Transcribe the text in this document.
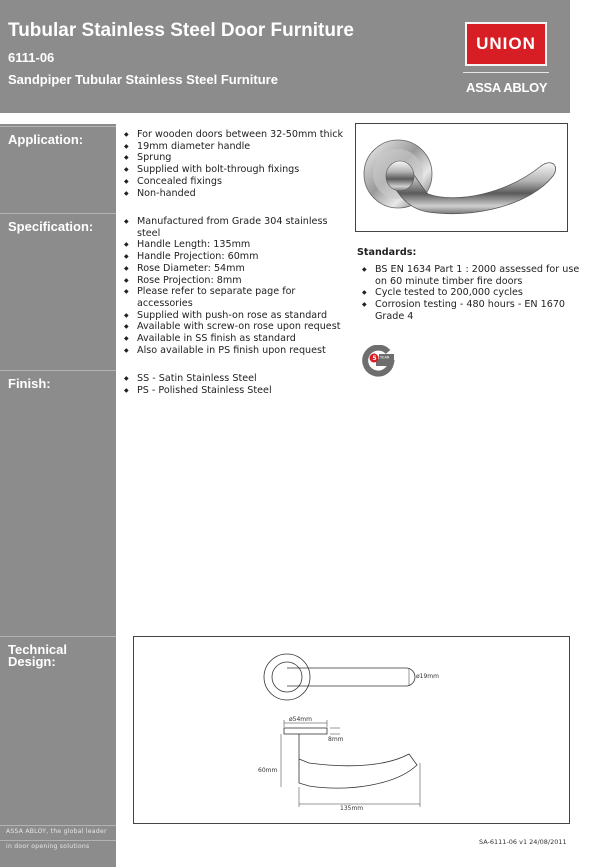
Tubular Stainless Steel Door Furniture
6111-06
Sandpiper Tubular Stainless Steel Furniture
UNION
ASSA ABLOY
Application:
Specification:
Finish:
Technical
Design:
ASSA ABLOY, the global leader
in door opening solutions
◆ For wooden doors between 32-50mm thick
◆ 19mm diameter handle
◆ Sprung
◆ Supplied with bolt-through fixings
◆ Concealed fixings
◆ Non-handed
◆ Manufactured from Grade 304 stainless steel
◆ Handle Length: 135mm
◆ Handle Projection: 60mm
◆ Rose Diameter: 54mm
◆ Rose Projection: 8mm
◆ Please refer to separate page for accessories
◆ Supplied with push-on rose as standard
◆ Available with screw-on rose upon request
◆ Available in SS finish as standard
◆ Also available in PS finish upon request
◆ SS - Satin Stainless Steel
◆ PS - Polished Stainless Steel
Standards:
◆ BS EN 1634 Part 1 : 2000 assessed for use on 60 minute timber fire doors
◆ Cycle tested to 200,000 cycles
◆ Corrosion testing - 480 hours - EN 1670 Grade 4
5 YEAR
ø19mm
ø54mm
8mm
60mm
135mm
SA-6111-06 v1 24/08/2011
